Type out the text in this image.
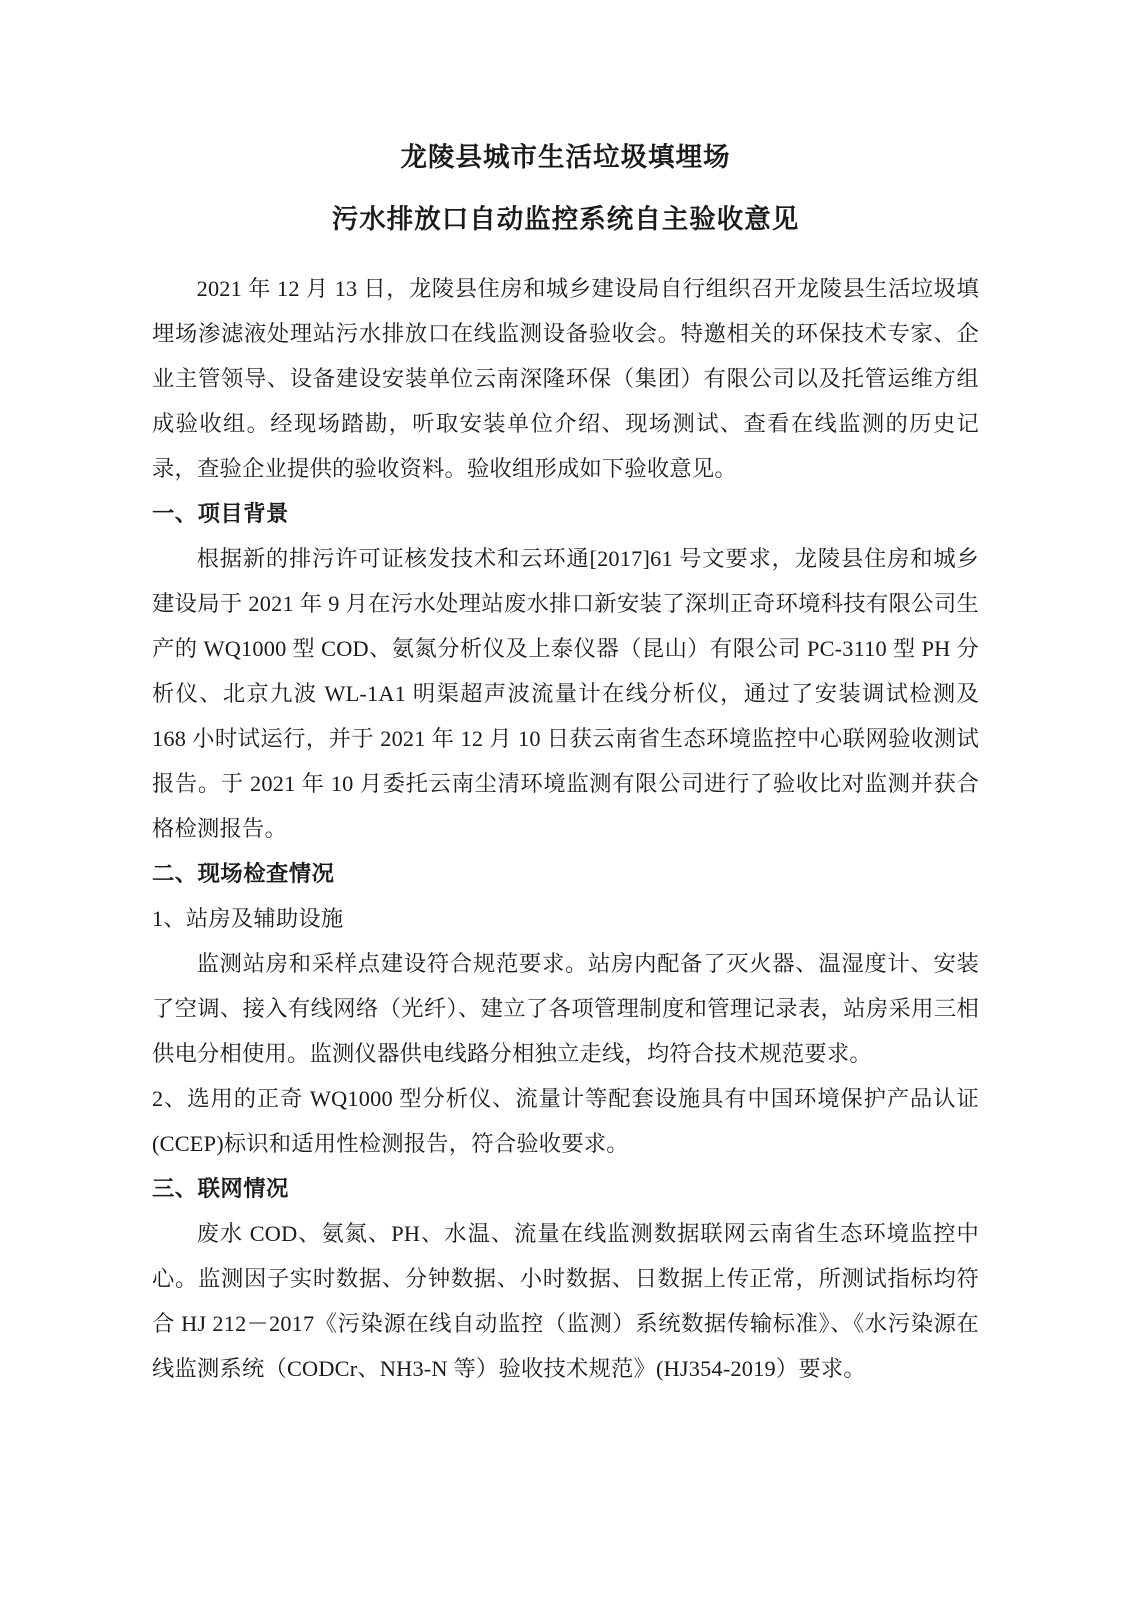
龙陵县城市生活垃圾填埋场
污水排放口自动监控系统自主验收意见

2021 年 12 月 13 日，龙陵县住房和城乡建设局自行组织召开龙陵县生活垃圾填埋场渗滤液处理站污水排放口在线监测设备验收会。特邀相关的环保技术专家、企业主管领导、设备建设安装单位云南深隆环保（集团）有限公司以及托管运维方组成验收组。经现场踏勘，听取安装单位介绍、现场测试、查看在线监测的历史记录，查验企业提供的验收资料。验收组形成如下验收意见。

一、项目背景

根据新的排污许可证核发技术和云环通[2017]61 号文要求，龙陵县住房和城乡建设局于 2021 年 9 月在污水处理站废水排口新安装了深圳正奇环境科技有限公司生产的 WQ1000 型 COD、氨氮分析仪及上泰仪器（昆山）有限公司 PC-3110 型 PH 分析仪、北京九波 WL-1A1 明渠超声波流量计在线分析仪，通过了安装调试检测及 168 小时试运行，并于 2021 年 12 月 10 日获云南省生态环境监控中心联网验收测试报告。于 2021 年 10 月委托云南尘清环境监测有限公司进行了验收比对监测并获合格检测报告。

二、现场检查情况
1、站房及辅助设施

监测站房和采样点建设符合规范要求。站房内配备了灭火器、温湿度计、安装了空调、接入有线网络（光纤）、建立了各项管理制度和管理记录表，站房采用三相供电分相使用。监测仪器供电线路分相独立走线，均符合技术规范要求。

2、选用的正奇 WQ1000 型分析仪、流量计等配套设施具有中国环境保护产品认证(CCEP)标识和适用性检测报告，符合验收要求。

三、联网情况

废水 COD、氨氮、PH、水温、流量在线监测数据联网云南省生态环境监控中心。监测因子实时数据、分钟数据、小时数据、日数据上传正常，所测试指标均符合 HJ 212－2017《污染源在线自动监控（监测）系统数据传输标准》、《水污染源在线监测系统（CODCr、NH3-N 等）验收技术规范》(HJ354-2019）要求。
